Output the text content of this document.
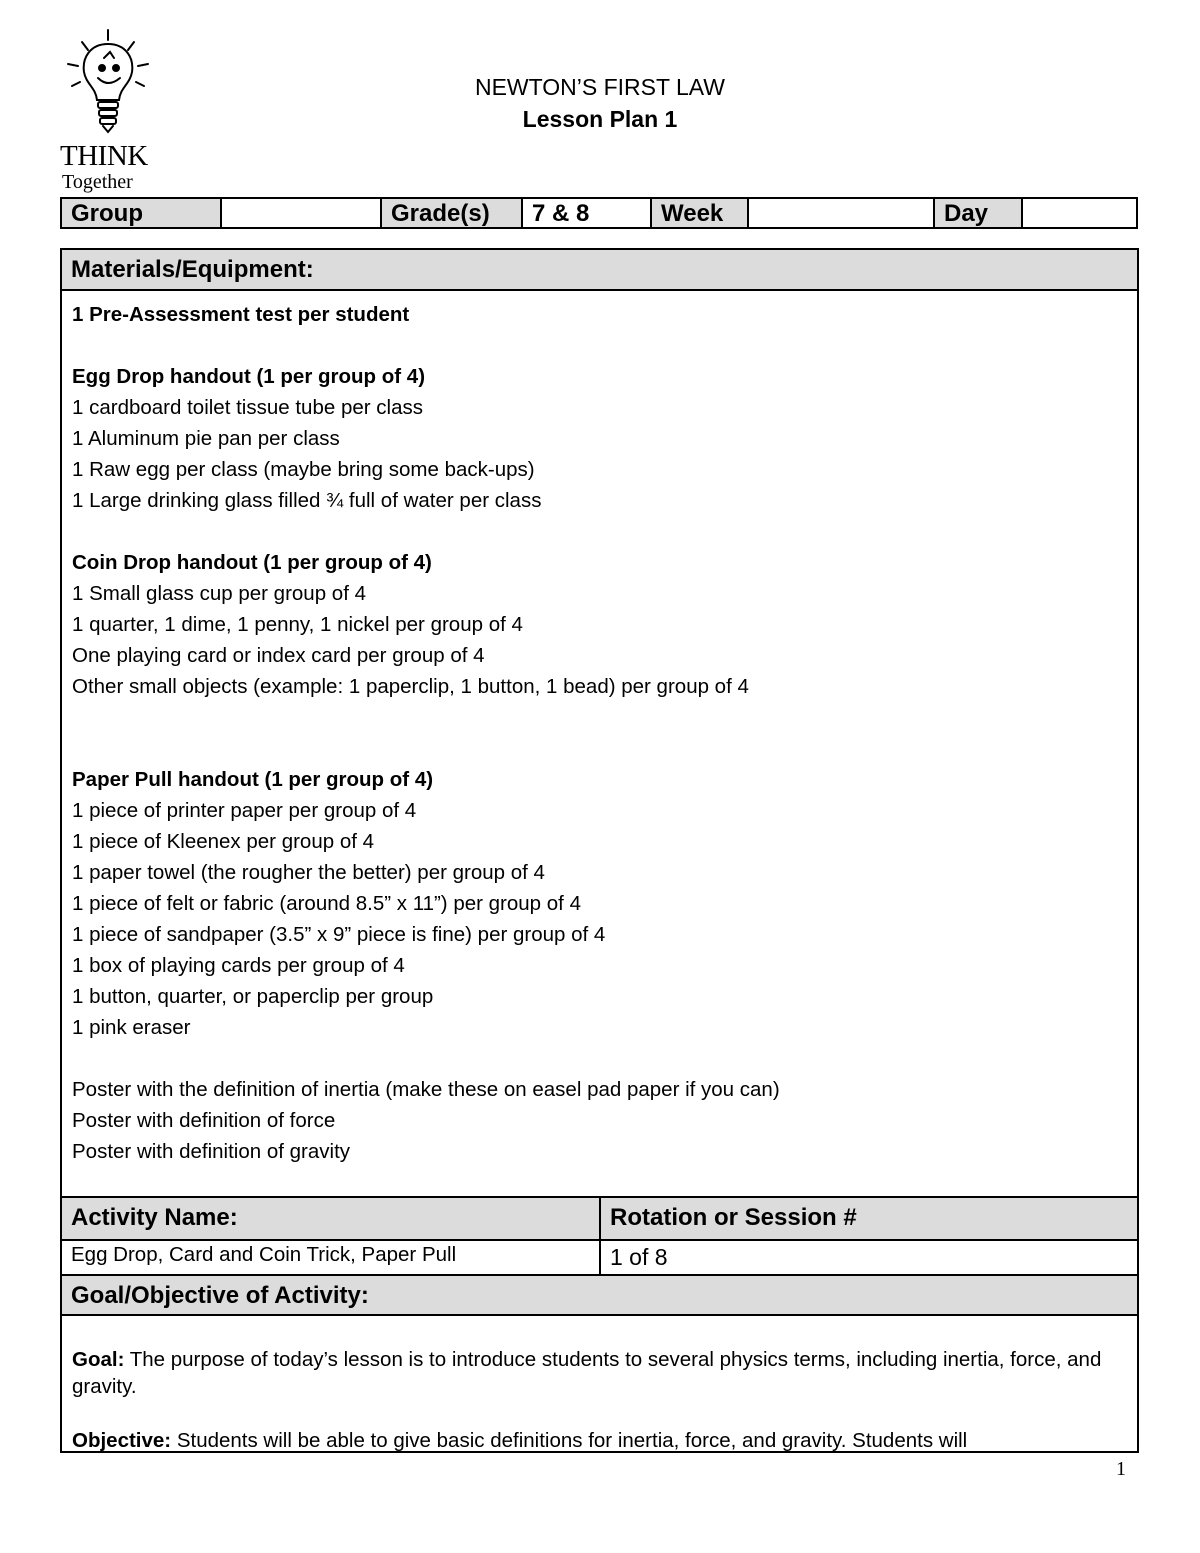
THINK
Together
NEWTON’S FIRST LAW
Lesson Plan 1
Group	Grade(s)	7 & 8	Week	Day
Materials/Equipment:
1 Pre-Assessment test per student
Egg Drop handout (1 per group of 4)
1 cardboard toilet tissue tube per class
1 Aluminum pie pan per class
1 Raw egg per class (maybe bring some back-ups)
1 Large drinking glass filled ¾ full of water per class
Coin Drop handout (1 per group of 4)
1 Small glass cup per group of 4
1 quarter, 1 dime, 1 penny, 1 nickel per group of 4
One playing card or index card per group of 4
Other small objects (example: 1 paperclip, 1 button, 1 bead) per group of 4
Paper Pull handout (1 per group of 4)
1 piece of printer paper per group of 4
1 piece of Kleenex per group of 4
1 paper towel (the rougher the better) per group of 4
1 piece of felt or fabric (around 8.5” x 11”) per group of 4
1 piece of sandpaper (3.5” x 9” piece is fine) per group of 4
1 box of playing cards per group of 4
1 button, quarter, or paperclip per group
1 pink eraser
Poster with the definition of inertia (make these on easel pad paper if you can)
Poster with definition of force
Poster with definition of gravity
Activity Name:	Rotation or Session #
Egg Drop, Card and Coin Trick, Paper Pull	1 of 8
Goal/Objective of Activity:

Goal: The purpose of today’s lesson is to introduce students to several physics terms, including inertia, force, and gravity.

Objective: Students will be able to give basic definitions for inertia, force, and gravity. Students will

1
